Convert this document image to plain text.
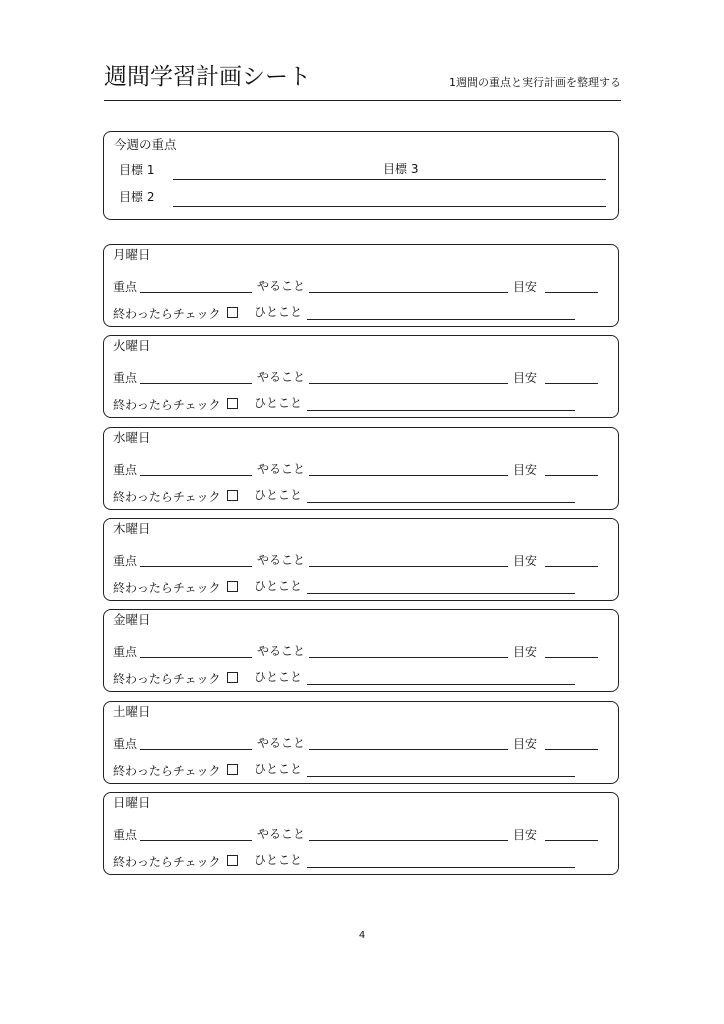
週間学習計画シート	1週間の重点と実行計画を整理する
今週の重点
目標 1	目標 3
目標 2
月曜日
重点	やること	目安
終わったらチェック	ひとこと
火曜日
重点	やること	目安
終わったらチェック	ひとこと
水曜日
重点	やること	目安
終わったらチェック	ひとこと
木曜日
重点	やること	目安
終わったらチェック	ひとこと
金曜日
重点	やること	目安
終わったらチェック	ひとこと
土曜日
重点	やること	目安
終わったらチェック	ひとこと
日曜日
重点	やること	目安
終わったらチェック	ひとこと
4
